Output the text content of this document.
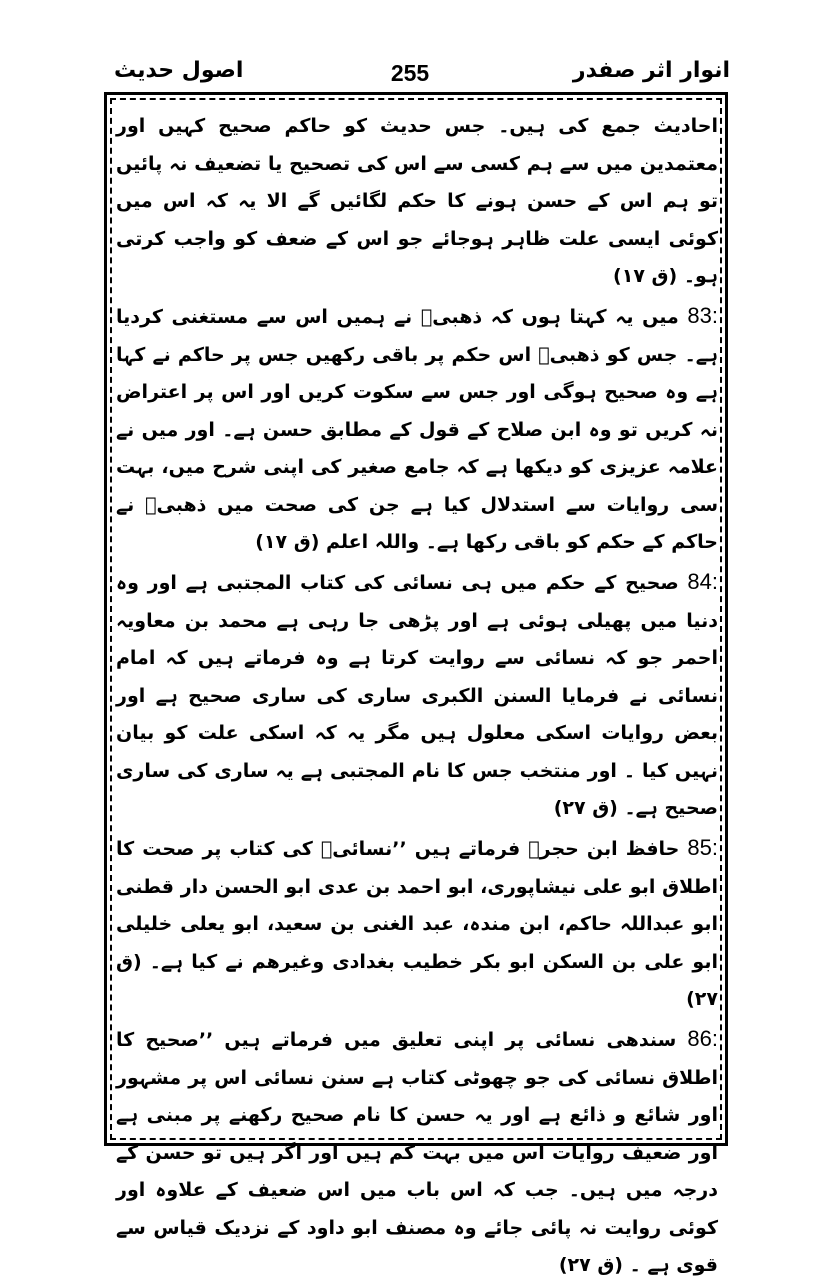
انوار اثر صفدر
255
اصول حدیث

احادیث جمع کی ہیں۔ جس حدیث کو حاکم صحیح کہیں اور معتمدین میں سے ہم کسی سے اس کی تصحیح یا تضعیف نہ پائیں تو ہم اس کے حسن ہونے کا حکم لگائیں گے الا یہ کہ اس میں کوئی ایسی علت ظاہر ہوجائے جو اس کے ضعف کو واجب کرتی ہو۔ (ق ۱۷)

83: میں یہ کہتا ہوں کہ ذھبیؒ نے ہمیں اس سے مستغنی کردیا ہے۔ جس کو ذھبیؒ اس حکم پر باقی رکھیں جس پر حاکم نے کہا ہے وہ صحیح ہوگی اور جس سے سکوت کریں اور اس پر اعتراض نہ کریں تو وہ ابن صلاح کے قول کے مطابق حسن ہے۔ اور میں نے علامہ عزیزی کو دیکھا ہے کہ جامع صغیر کی اپنی شرح میں، بہت سی روایات سے استدلال کیا ہے جن کی صحت میں ذھبیؒ نے حاکم کے حکم کو باقی رکھا ہے۔ واللہ اعلم (ق ۱۷)

84: صحیح کے حکم میں ہی نسائی کی کتاب المجتبی ہے اور وہ دنیا میں پھیلی ہوئی ہے اور پڑھی جا رہی ہے محمد بن معاویہ احمر جو کہ نسائی سے روایت کرتا ہے وہ فرماتے ہیں کہ امام نسائی نے فرمایا السنن الکبری ساری کی ساری صحیح ہے اور بعض روایات اسکی معلول ہیں مگر یہ کہ اسکی علت کو بیان نہیں کیا ۔ اور منتخب جس کا نام المجتبی ہے یہ ساری کی ساری صحیح ہے۔ (ق ۲۷)

85: حافظ ابن حجرؒ فرماتے ہیں ’’نسائیؒ کی کتاب پر صحت کا اطلاق ابو علی نیشاپوری، ابو احمد بن عدی ابو الحسن دار قطنی ابو عبداللہ حاکم، ابن مندہ، عبد الغنی بن سعید، ابو یعلی خلیلی ابو علی بن السکن ابو بکر خطیب بغدادی وغیرھم نے کیا ہے۔ (ق ۲۷)

86: سندھی نسائی پر اپنی تعلیق میں فرماتے ہیں ’’صحیح کا اطلاق نسائی کی جو چھوٹی کتاب ہے سنن نسائی اس پر مشہور اور شائع و ذائع ہے اور یہ حسن کا نام صحیح رکھنے پر مبنی ہے اور ضعیف روایات اس میں بہت کم ہیں اور اگر ہیں تو حسن کے درجہ میں ہیں۔ جب کہ اس باب میں اس ضعیف کے علاوہ اور کوئی روایت نہ پائی جائے وہ مصنف ابو داود کے نزدیک قیاس سے قوی ہے ۔ (ق ۲۷)
